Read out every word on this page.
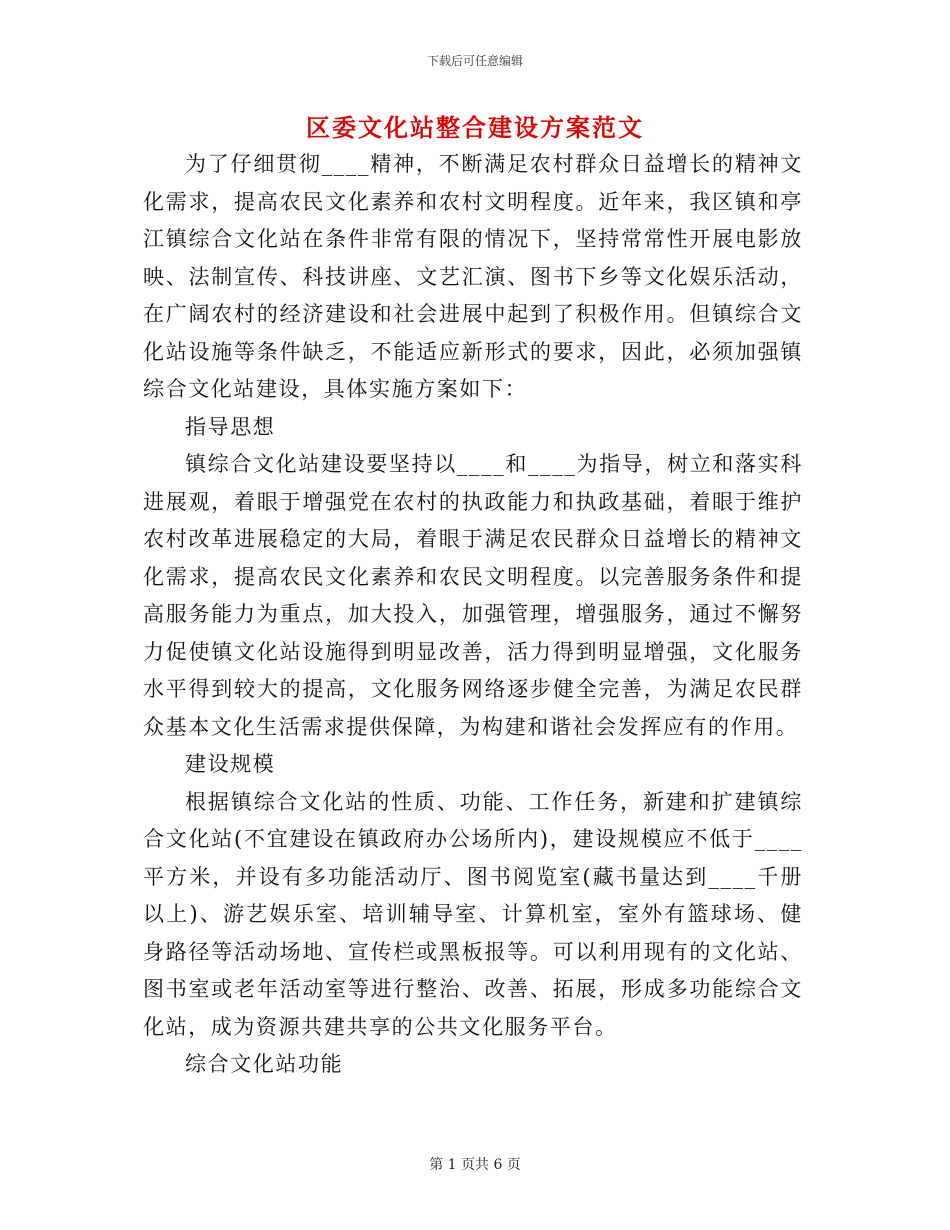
下载后可任意编辑
区委文化站整合建设方案范文

为了仔细贯彻____精神，不断满足农村群众日益增长的精神文化需求，提高农民文化素养和农村文明程度。近年来，我区镇和亭江镇综合文化站在条件非常有限的情况下，坚持常常性开展电影放映、法制宣传、科技讲座、文艺汇演、图书下乡等文化娱乐活动，在广阔农村的经济建设和社会进展中起到了积极作用。但镇综合文化站设施等条件缺乏，不能适应新形式的要求，因此，必须加强镇综合文化站建设，具体实施方案如下：

指导思想

镇综合文化站建设要坚持以____和____为指导，树立和落实科进展观，着眼于增强党在农村的执政能力和执政基础，着眼于维护农村改革进展稳定的大局，着眼于满足农民群众日益增长的精神文化需求，提高农民文化素养和农民文明程度。以完善服务条件和提高服务能力为重点，加大投入，加强管理，增强服务，通过不懈努力促使镇文化站设施得到明显改善，活力得到明显增强，文化服务水平得到较大的提高，文化服务网络逐步健全完善，为满足农民群众基本文化生活需求提供保障，为构建和谐社会发挥应有的作用。

建设规模

根据镇综合文化站的性质、功能、工作任务，新建和扩建镇综合文化站(不宜建设在镇政府办公场所内)，建设规模应不低于____平方米，并设有多功能活动厅、图书阅览室(藏书量达到____千册以上)、游艺娱乐室、培训辅导室、计算机室，室外有篮球场、健身路径等活动场地、宣传栏或黑板报等。可以利用现有的文化站、图书室或老年活动室等进行整治、改善、拓展，形成多功能综合文化站，成为资源共建共享的公共文化服务平台。

综合文化站功能

第 1 页共 6 页
